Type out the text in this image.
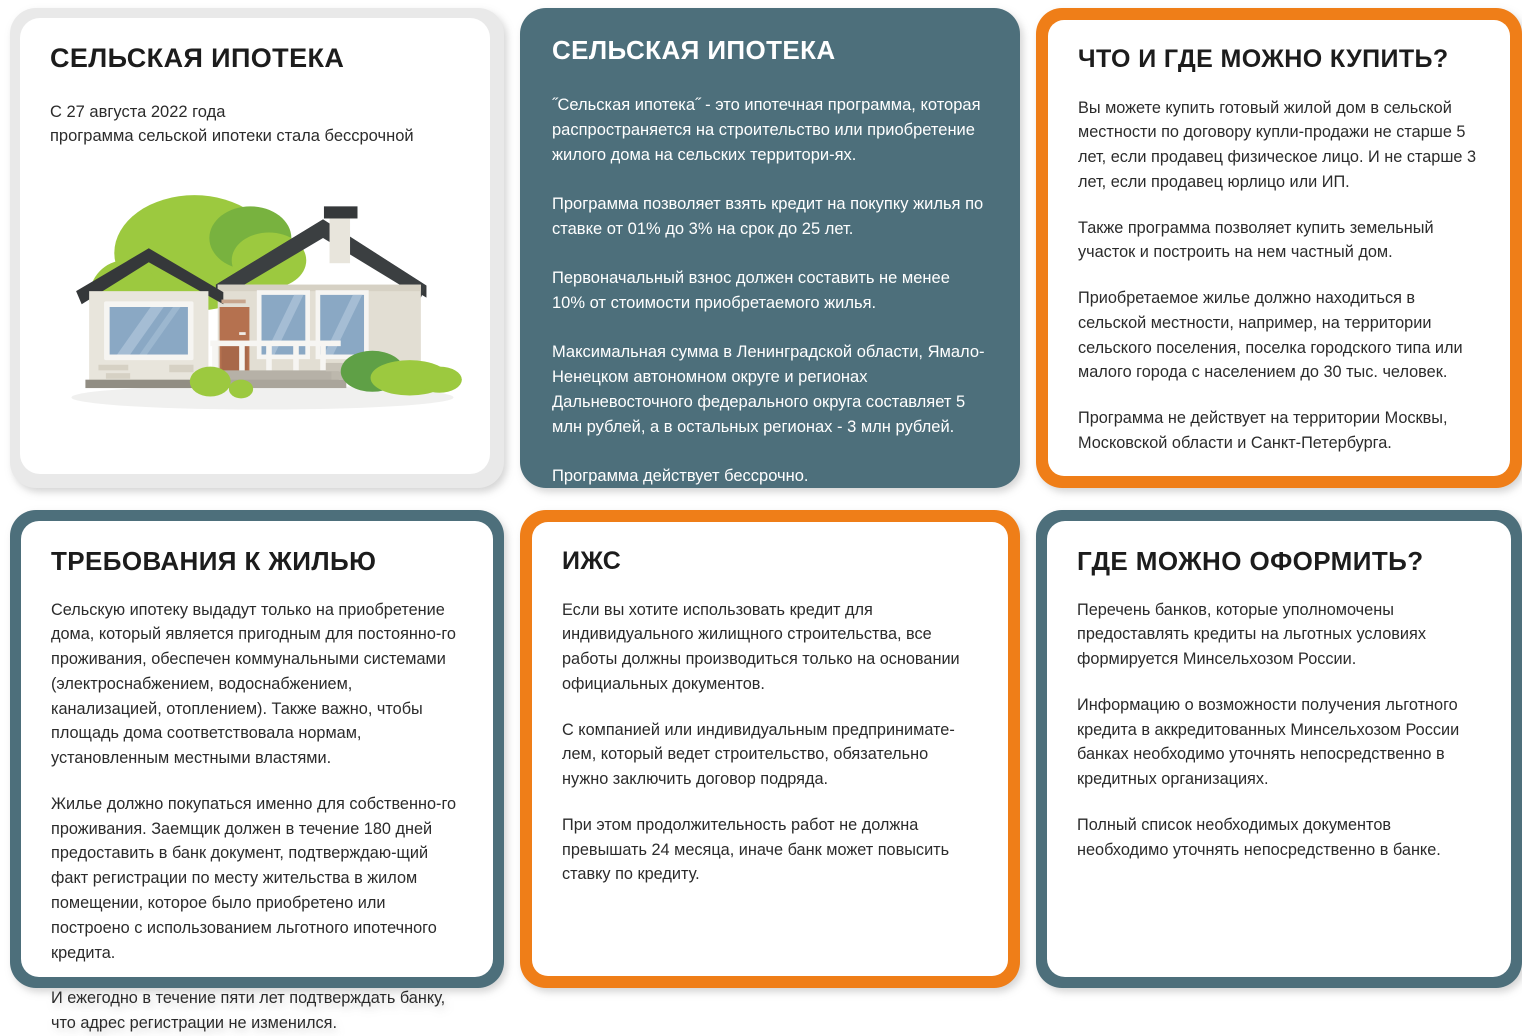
СЕЛЬСКАЯ ИПОТЕКА

С 27 августа 2022 года

программа сельской ипотеки стала бессрочной

СЕЛЬСКАЯ ИПОТЕКА

˝Сельская ипотека˝ - это ипотечная программа, которая распространяется на строительство или приобретение жилого дома на сельских территори-ях.

Программа позволяет взять кредит на покупку жилья по ставке от 01% до 3% на срок до 25 лет.

Первоначальный взнос должен составить не менее 10% от стоимости приобретаемого жилья.

Максимальная сумма в Ленинградской области, Ямало-Ненецком автономном округе и регионах Дальневосточного федерального округа составляет 5 млн рублей, а в остальных регионах - 3 млн рублей.

Программа действует бессрочно.

ЧТО И ГДЕ МОЖНО КУПИТЬ?

Вы можете купить готовый жилой дом в сельской местности по договору купли-продажи не старше 5 лет, если продавец физическое лицо. И не старше 3 лет, если продавец юрлицо или ИП.

Также программа позволяет купить земельный участок и построить на нем частный дом.

Приобретаемое жилье должно находиться в сельской местности, например, на территории сельского поселения, поселка городского типа или малого города с населением до 30 тыс. человек.

Программа не действует на территории Москвы, Московской области и Санкт-Петербурга.

ТРЕБОВАНИЯ К ЖИЛЬЮ

Сельскую ипотеку выдадут только на приобретение дома, который является пригодным для постоянно-го проживания, обеспечен коммунальными системами (электроснабжением, водоснабжением, канализацией, отоплением). Также важно, чтобы площадь дома соответствовала нормам, установленным местными властями.

Жилье должно покупаться именно для собственно-го проживания. Заемщик должен в течение 180 дней предоставить в банк документ, подтверждаю-щий факт регистрации по месту жительства в жилом помещении, которое было приобретено или построено с использованием льготного ипотечного кредита.

И ежегодно в течение пяти лет подтверждать банку, что адрес регистрации не изменился.

ИЖС

Если вы хотите использовать кредит для индивидуального жилищного строительства, все работы должны производиться только на основании официальных документов.

С компанией или индивидуальным предпринимате-лем, который ведет строительство, обязательно нужно заключить договор подряда.

При этом продолжительность работ не должна превышать 24 месяца, иначе банк может повысить ставку по кредиту.

ГДЕ МОЖНО ОФОРМИТЬ?

Перечень банков, которые уполномочены предоставлять кредиты на льготных условиях формируется Минсельхозом России.

Информацию о возможности получения льготного кредита в аккредитованных Минсельхозом России банках необходимо уточнять непосредственно в кредитных организациях.

Полный список необходимых документов необходимо уточнять непосредственно в банке.
